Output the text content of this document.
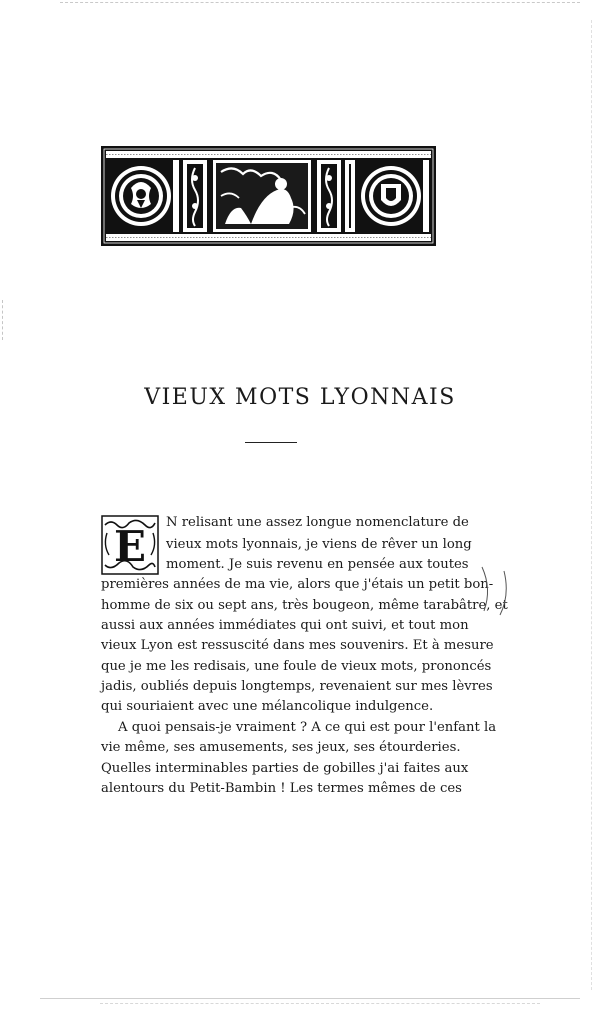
VIEUX MOTS LYONNAIS
E N relisant une assez longue nomenclature de
vieux mots lyonnais, je viens de rêver un long
moment. Je suis revenu en pensée aux toutes
premières années de ma vie, alors que j'étais un petit bon-
homme de six ou sept ans, très bougeon, même tarabâtre, et
aussi aux années immédiates qui ont suivi, et tout mon
vieux Lyon est ressuscité dans mes souvenirs. Et à mesure
que je me les redisais, une foule de vieux mots, prononcés
jadis, oubliés depuis longtemps, revenaient sur mes lèvres
qui souriaient avec une mélancolique indulgence.
A quoi pensais-je vraiment ? A ce qui est pour l'enfant la
vie même, ses amusements, ses jeux, ses étourderies.
Quelles interminables parties de gobilles j'ai faites aux
alentours du Petit-Bambin ! Les termes mêmes de ces
